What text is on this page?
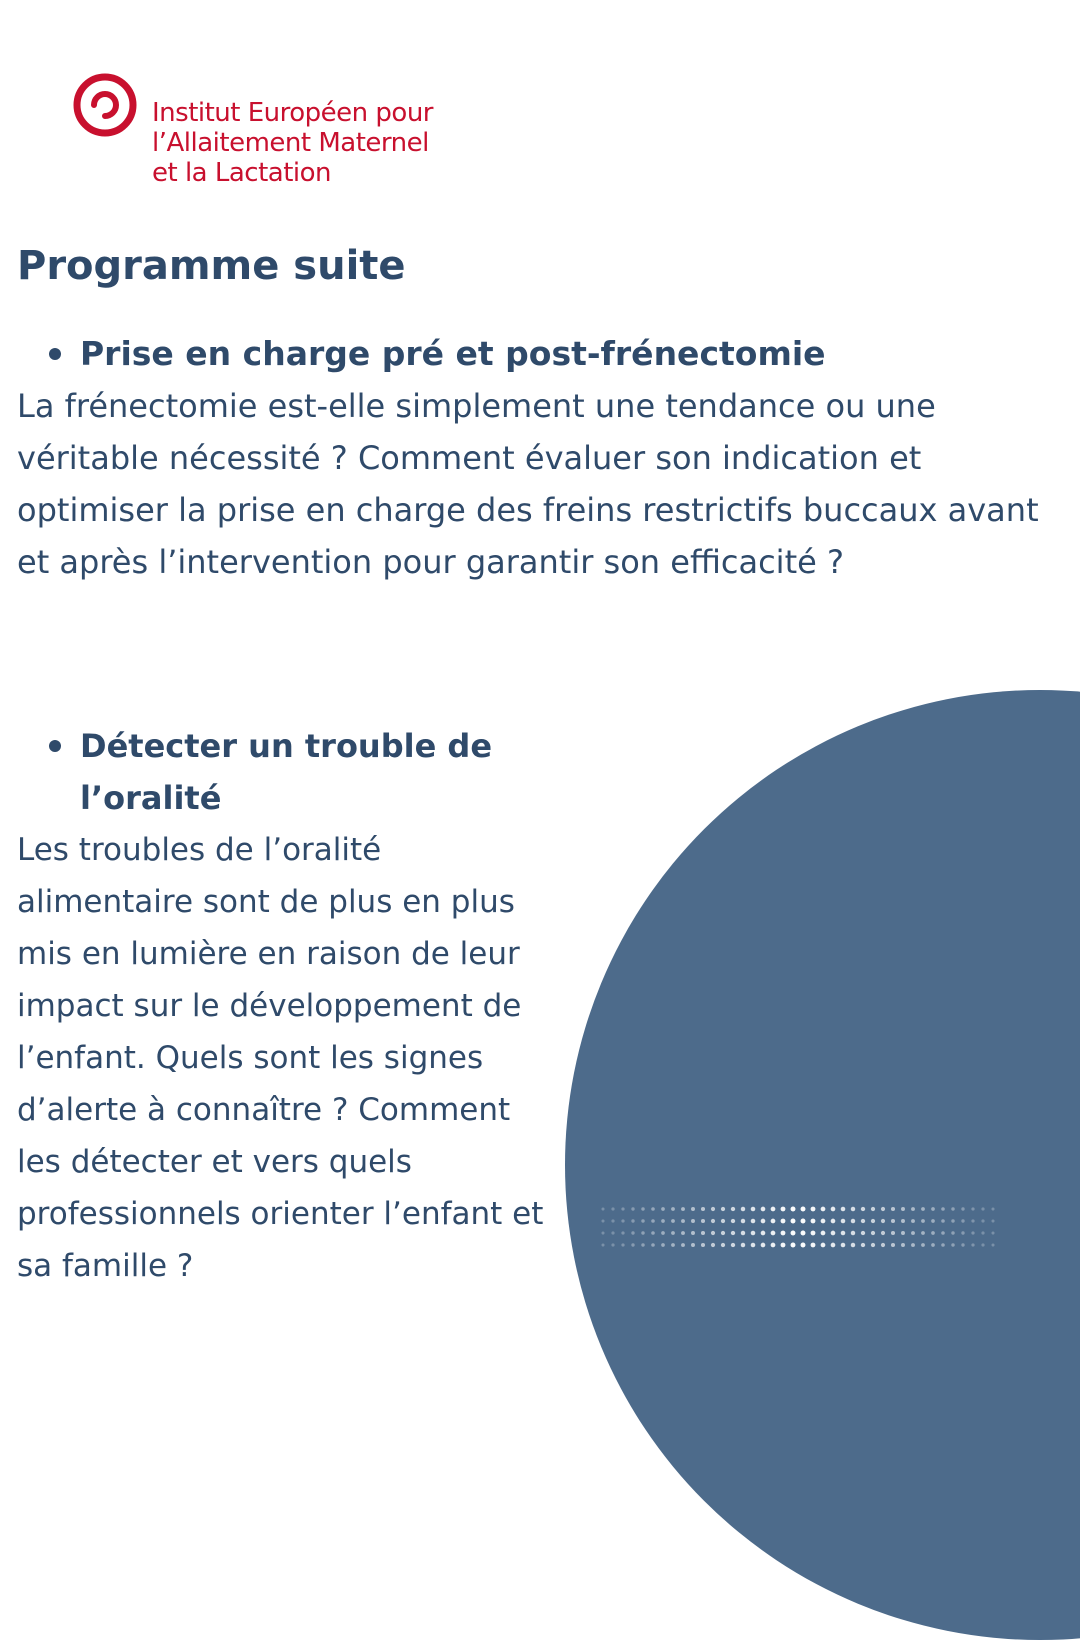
Institut Européen pour
l’Allaitement Maternel
et la Lactation
Programme suite

Prise en charge pré et post-frénectomie

La frénectomie est-elle simplement une tendance ou une véritable nécessité ? Comment évaluer son indication et optimiser la prise en charge des freins restrictifs buccaux avant et après l’intervention pour garantir son efficacité ?

Détecter un trouble de l’oralité

Les troubles de l’oralité alimentaire sont de plus en plus mis en lumière en raison de leur impact sur le développement de l’enfant. Quels sont les signes d’alerte à connaître ? Comment les détecter et vers quels professionnels orienter l’enfant et sa famille ?
